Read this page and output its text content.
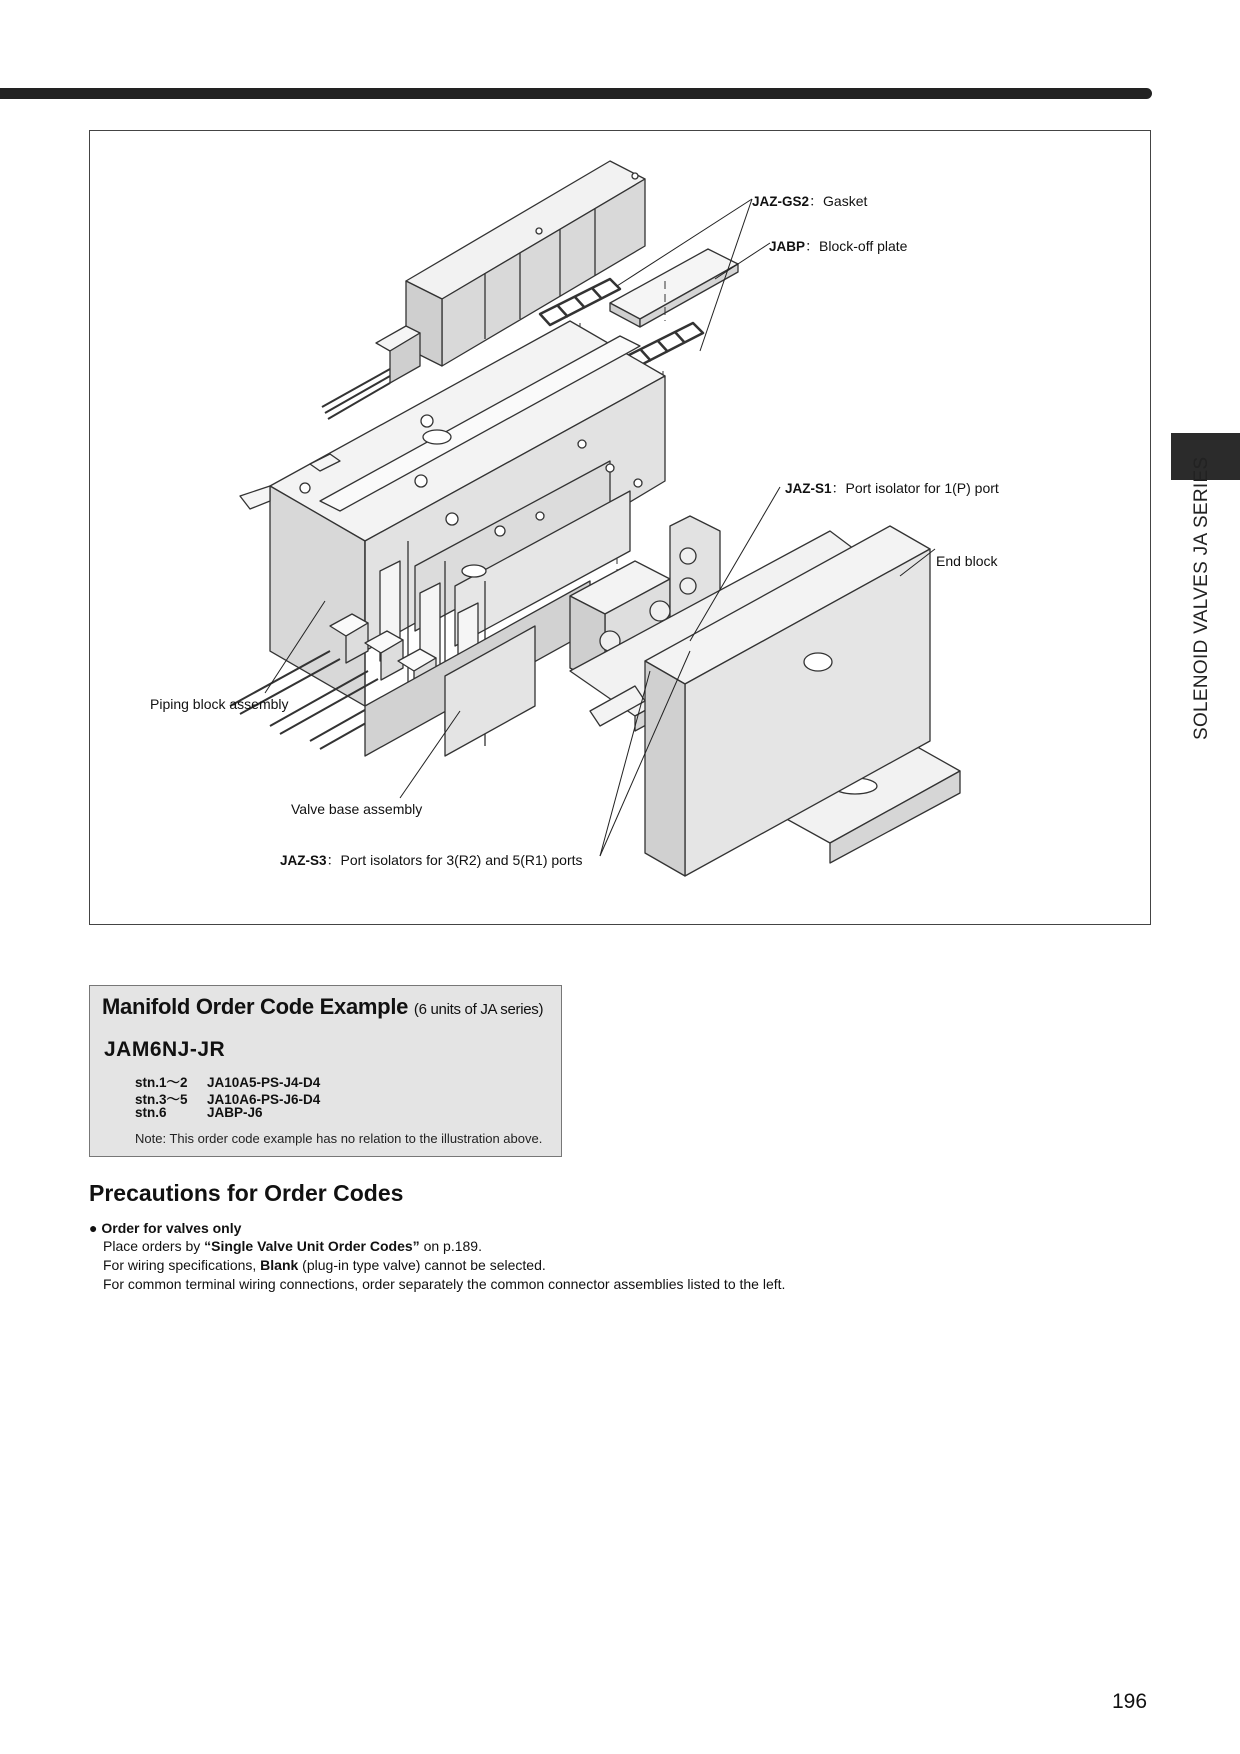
JAZ-GS2：Gasket
JABP：Block-off plate
JAZ-S1：Port isolator for 1(P) port
End block
Piping block assembly
Valve base assembly
JAZ-S3：Port isolators for 3(R2) and 5(R1) ports
SOLENOID VALVES JA SERIES
Manifold Order Code Example (6 units of JA series)
JAM6NJ-JR
stn.1～2 JA10A5-PS-J4-D4
stn.3～5 JA10A6-PS-J6-D4
stn.6	JABP-J6
Note: This order code example has no relation to the illustration above.
Precautions for Order Codes
● Order for valves only
Place orders by “Single Valve Unit Order Codes” on p.189.
For wiring specifications, Blank (plug-in type valve) cannot be selected.
For common terminal wiring connections, order separately the common connector assemblies listed to the left.
196
